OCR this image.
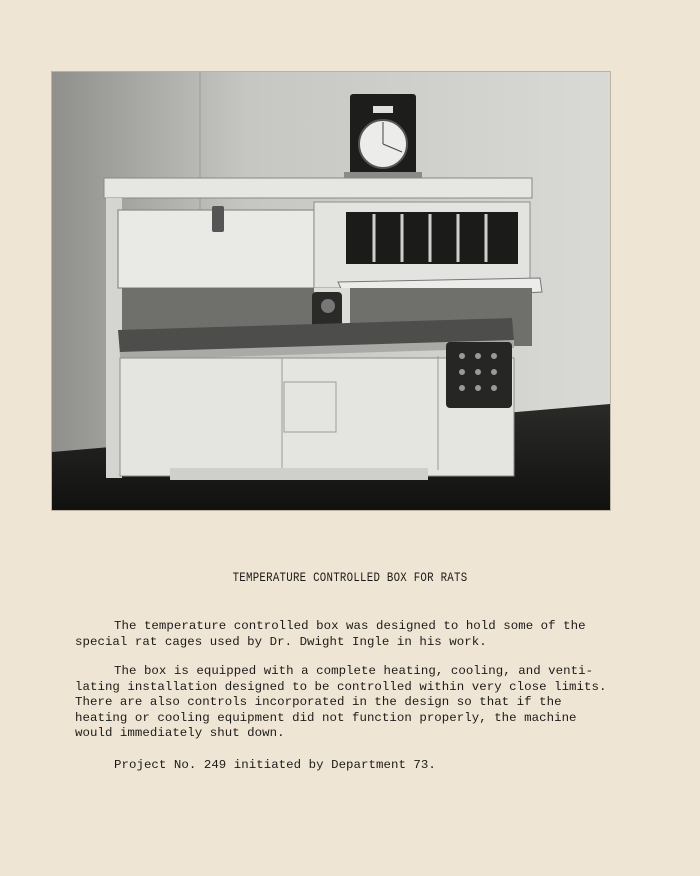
TEMPERATURE CONTROLLED BOX FOR RATS
The temperature controlled box was designed to hold some of the
special rat cages used by Dr. Dwight Ingle in his work.
The box is equipped with a complete heating, cooling, and venti-
lating installation designed to be controlled within very close limits.
There are also controls incorporated in the design so that if the
heating or cooling equipment did not function properly, the machine
would immediately shut down.
Project No. 249 initiated by Department 73.
